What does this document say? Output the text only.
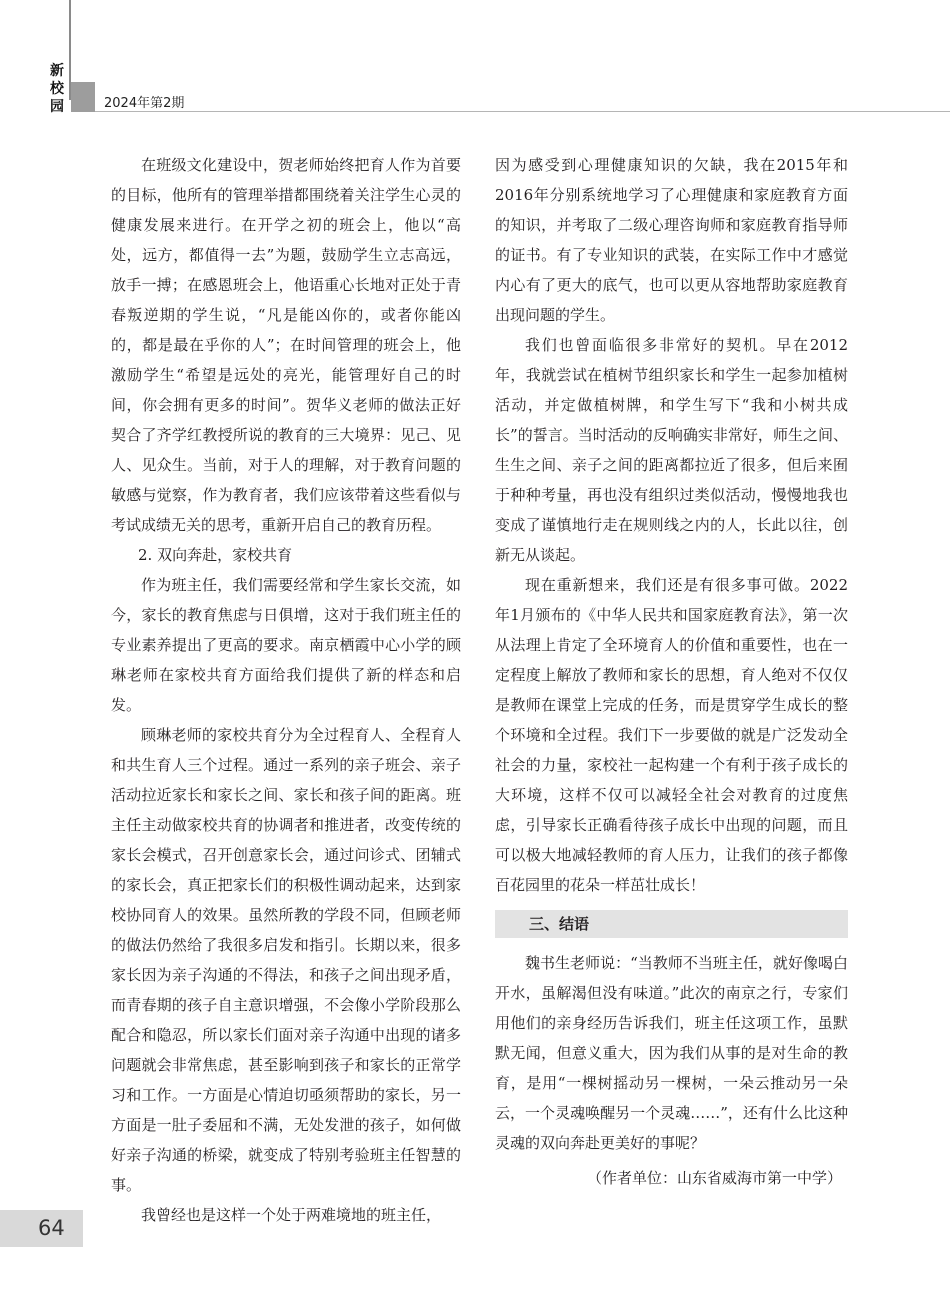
新
校
园	2024年第2期

在班级文化建设中，贺老师始终把育人作为首要的目标，他所有的管理举措都围绕着关注学生心灵的健康发展来进行。在开学之初的班会上，他以“高处，远方，都值得一去”为题，鼓励学生立志高远，放手一搏；在感恩班会上，他语重心长地对正处于青春叛逆期的学生说，“凡是能凶你的，或者你能凶的，都是最在乎你的人”；在时间管理的班会上，他激励学生“希望是远处的亮光，能管理好自己的时间，你会拥有更多的时间”。贺华义老师的做法正好契合了齐学红教授所说的教育的三大境界：见己、见人、见众生。当前，对于人的理解，对于教育问题的敏感与觉察，作为教育者，我们应该带着这些看似与考试成绩无关的思考，重新开启自己的教育历程。

2. 双向奔赴，家校共育

作为班主任，我们需要经常和学生家长交流，如今，家长的教育焦虑与日俱增，这对于我们班主任的专业素养提出了更高的要求。南京栖霞中心小学的顾琳老师在家校共育方面给我们提供了新的样态和启发。

顾琳老师的家校共育分为全过程育人、全程育人和共生育人三个过程。通过一系列的亲子班会、亲子活动拉近家长和家长之间、家长和孩子间的距离。班主任主动做家校共育的协调者和推进者，改变传统的家长会模式，召开创意家长会，通过问诊式、团辅式的家长会，真正把家长们的积极性调动起来，达到家校协同育人的效果。虽然所教的学段不同，但顾老师的做法仍然给了我很多启发和指引。长期以来，很多家长因为亲子沟通的不得法，和孩子之间出现矛盾，而青春期的孩子自主意识增强，不会像小学阶段那么配合和隐忍，所以家长们面对亲子沟通中出现的诸多问题就会非常焦虑，甚至影响到孩子和家长的正常学习和工作。一方面是心情迫切亟须帮助的家长，另一方面是一肚子委屈和不满，无处发泄的孩子，如何做好亲子沟通的桥梁，就变成了特别考验班主任智慧的事。

我曾经也是这样一个处于两难境地的班主任，

因为感受到心理健康知识的欠缺，我在2015年和2016年分别系统地学习了心理健康和家庭教育方面的知识，并考取了二级心理咨询师和家庭教育指导师的证书。有了专业知识的武装，在实际工作中才感觉内心有了更大的底气，也可以更从容地帮助家庭教育出现问题的学生。

我们也曾面临很多非常好的契机。早在2012年，我就尝试在植树节组织家长和学生一起参加植树活动，并定做植树牌，和学生写下“我和小树共成长”的誓言。当时活动的反响确实非常好，师生之间、生生之间、亲子之间的距离都拉近了很多，但后来囿于种种考量，再也没有组织过类似活动，慢慢地我也变成了谨慎地行走在规则线之内的人，长此以往，创新无从谈起。

现在重新想来，我们还是有很多事可做。2022年1月颁布的《中华人民共和国家庭教育法》，第一次从法理上肯定了全环境育人的价值和重要性，也在一定程度上解放了教师和家长的思想，育人绝对不仅仅是教师在课堂上完成的任务，而是贯穿学生成长的整个环境和全过程。我们下一步要做的就是广泛发动全社会的力量，家校社一起构建一个有利于孩子成长的大环境，这样不仅可以减轻全社会对教育的过度焦虑，引导家长正确看待孩子成长中出现的问题，而且可以极大地减轻教师的育人压力，让我们的孩子都像百花园里的花朵一样茁壮成长！

三、结语

魏书生老师说：“当教师不当班主任，就好像喝白开水，虽解渴但没有味道。”此次的南京之行，专家们用他们的亲身经历告诉我们，班主任这项工作，虽默默无闻，但意义重大，因为我们从事的是对生命的教育，是用“一棵树摇动另一棵树，一朵云推动另一朵云，一个灵魂唤醒另一个灵魂……”，还有什么比这种灵魂的双向奔赴更美好的事呢？

（作者单位：山东省威海市第一中学）
64
